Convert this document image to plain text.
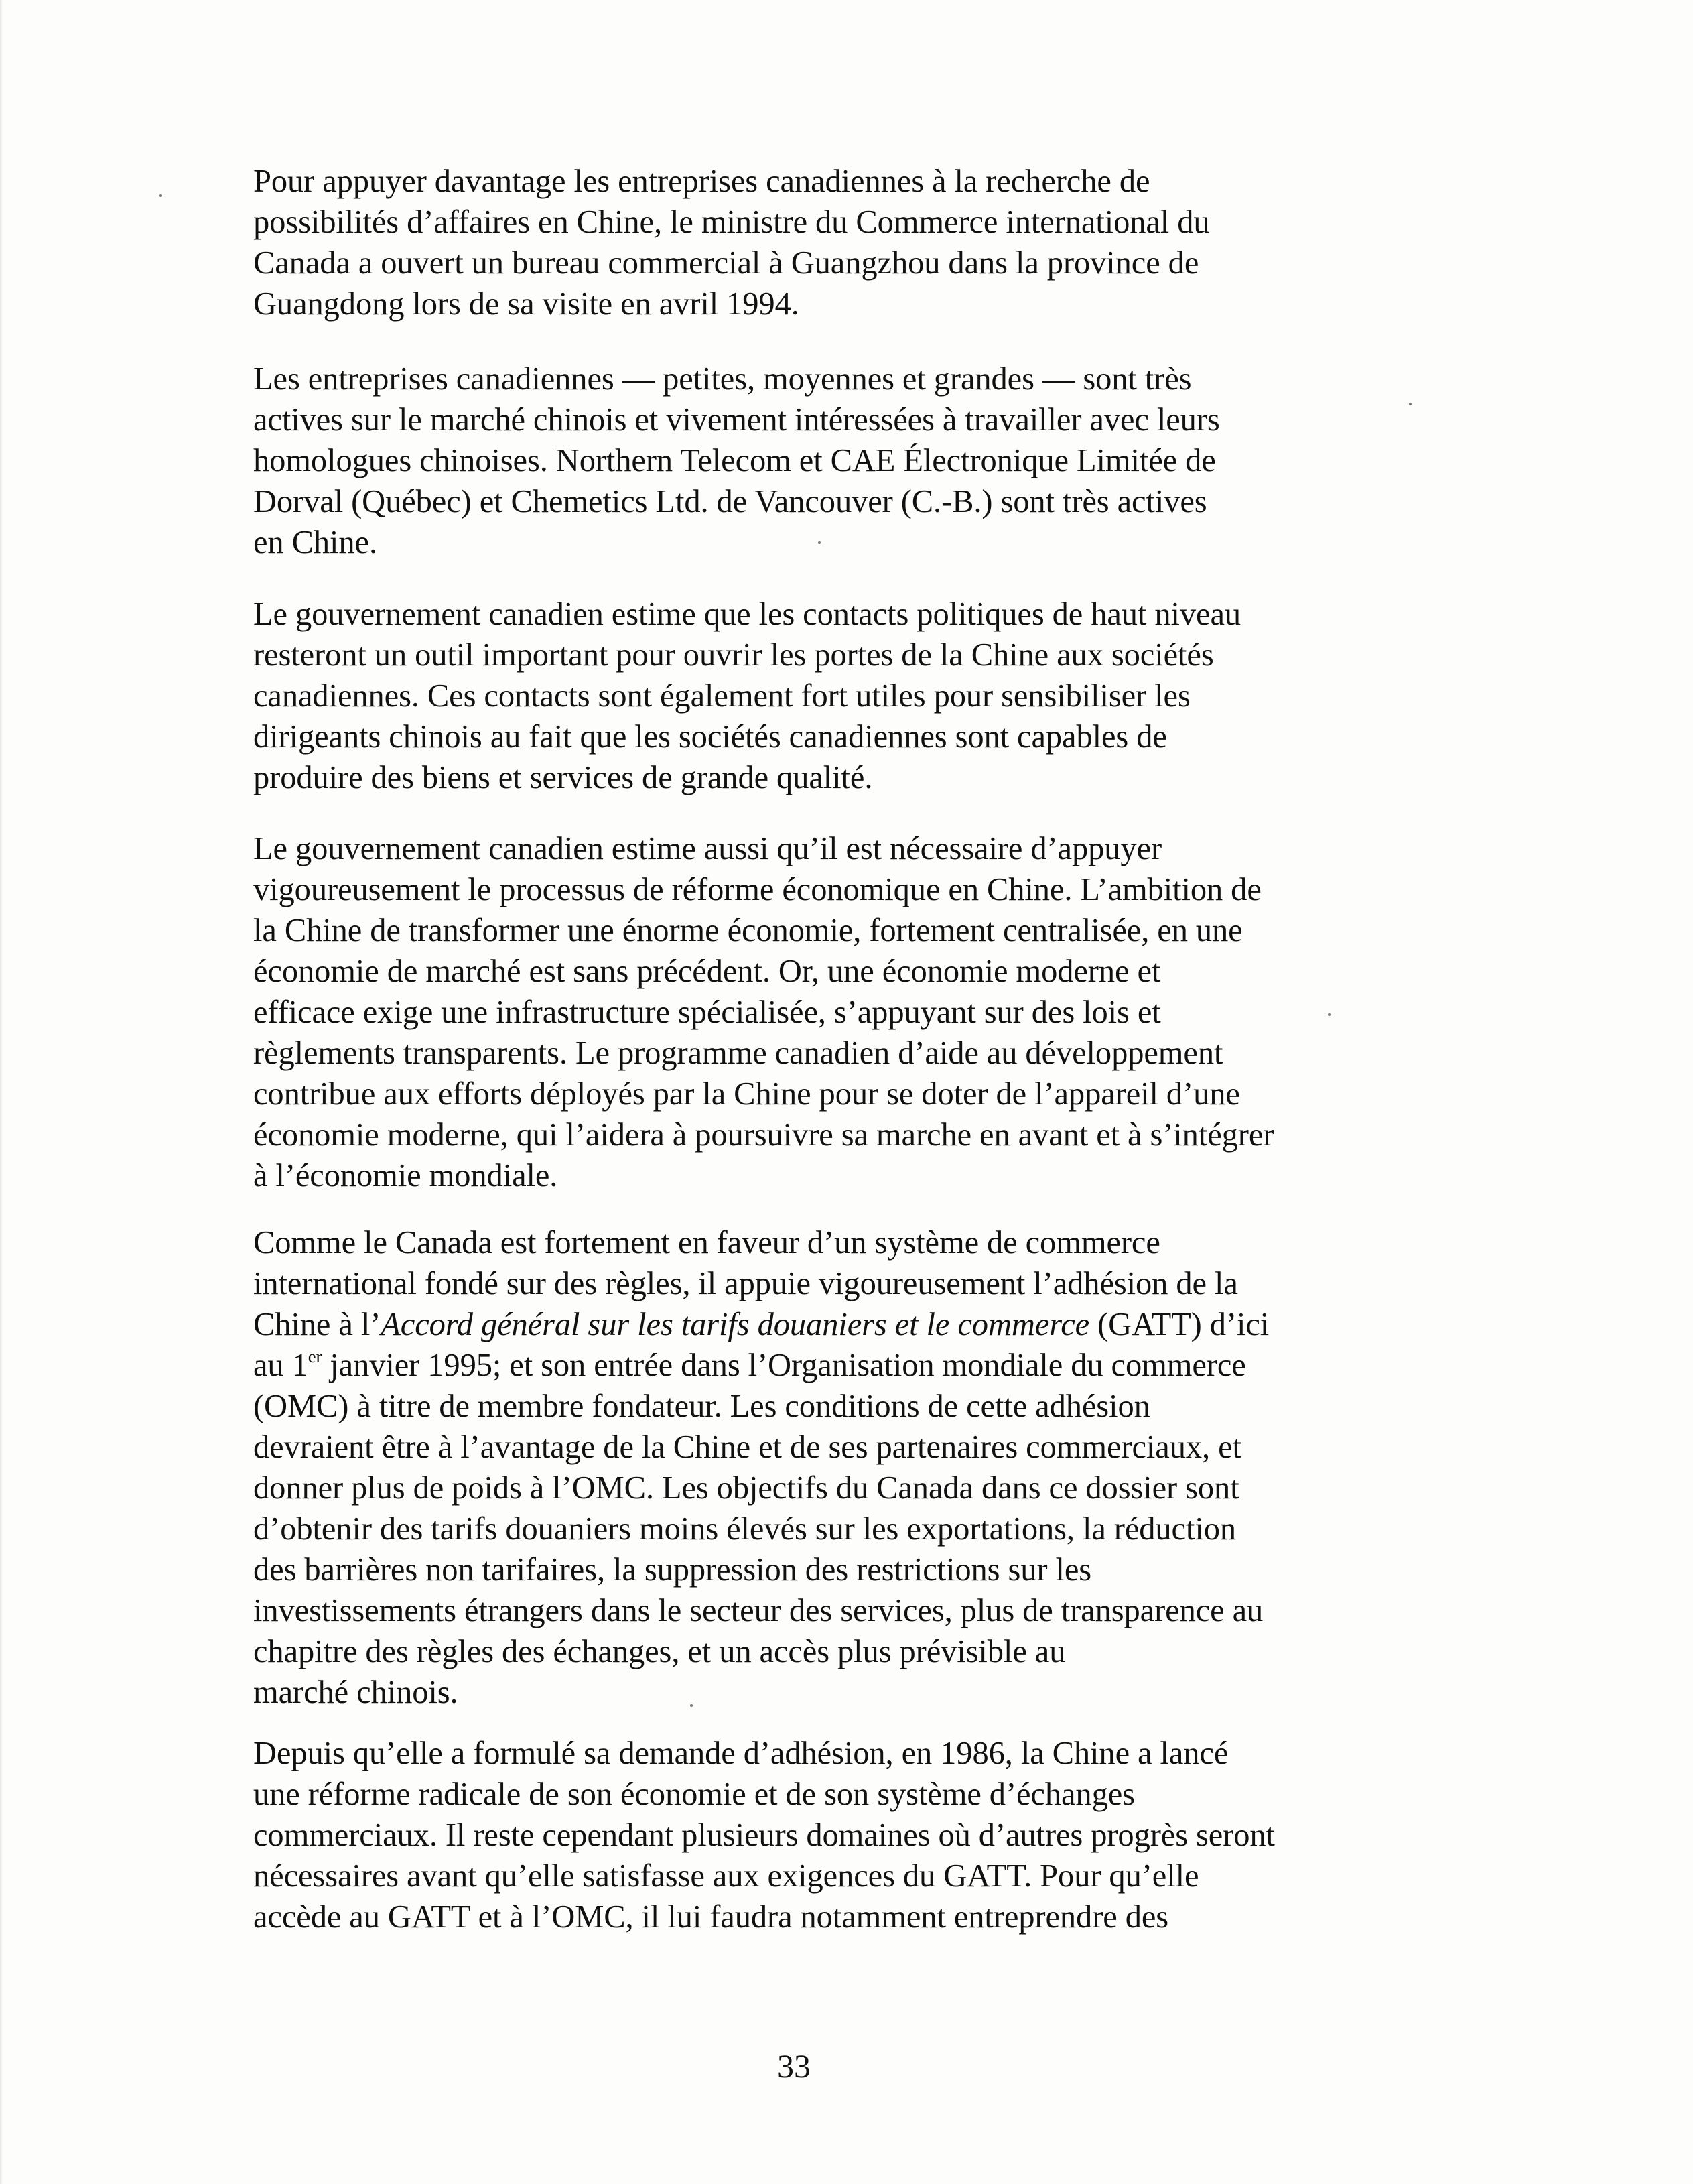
Pour appuyer davantage les entreprises canadiennes à la recherche de
possibilités d’affaires en Chine, le ministre du Commerce international du
Canada a ouvert un bureau commercial à Guangzhou dans la province de
Guangdong lors de sa visite en avril 1994.
Les entreprises canadiennes — petites, moyennes et grandes — sont très
actives sur le marché chinois et vivement intéressées à travailler avec leurs
homologues chinoises. Northern Telecom et CAE Électronique Limitée de
Dorval (Québec) et Chemetics Ltd. de Vancouver (C.-B.) sont très actives
en Chine.
Le gouvernement canadien estime que les contacts politiques de haut niveau
resteront un outil important pour ouvrir les portes de la Chine aux sociétés
canadiennes. Ces contacts sont également fort utiles pour sensibiliser les
dirigeants chinois au fait que les sociétés canadiennes sont capables de
produire des biens et services de grande qualité.
Le gouvernement canadien estime aussi qu’il est nécessaire d’appuyer
vigoureusement le processus de réforme économique en Chine. L’ambition de
la Chine de transformer une énorme économie, fortement centralisée, en une
économie de marché est sans précédent. Or, une économie moderne et
efficace exige une infrastructure spécialisée, s’appuyant sur des lois et
règlements transparents. Le programme canadien d’aide au développement
contribue aux efforts déployés par la Chine pour se doter de l’appareil d’une
économie moderne, qui l’aidera à poursuivre sa marche en avant et à s’intégrer
à l’économie mondiale.
Comme le Canada est fortement en faveur d’un système de commerce
international fondé sur des règles, il appuie vigoureusement l’adhésion de la
Chine à l’Accord général sur les tarifs douaniers et le commerce (GATT) d’ici
au 1er janvier 1995; et son entrée dans l’Organisation mondiale du commerce
(OMC) à titre de membre fondateur. Les conditions de cette adhésion
devraient être à l’avantage de la Chine et de ses partenaires commerciaux, et
donner plus de poids à l’OMC. Les objectifs du Canada dans ce dossier sont
d’obtenir des tarifs douaniers moins élevés sur les exportations, la réduction
des barrières non tarifaires, la suppression des restrictions sur les
investissements étrangers dans le secteur des services, plus de transparence au
chapitre des règles des échanges, et un accès plus prévisible au
marché chinois.
Depuis qu’elle a formulé sa demande d’adhésion, en 1986, la Chine a lancé
une réforme radicale de son économie et de son système d’échanges
commerciaux. Il reste cependant plusieurs domaines où d’autres progrès seront
nécessaires avant qu’elle satisfasse aux exigences du GATT. Pour qu’elle
accède au GATT et à l’OMC, il lui faudra notamment entreprendre des
33
